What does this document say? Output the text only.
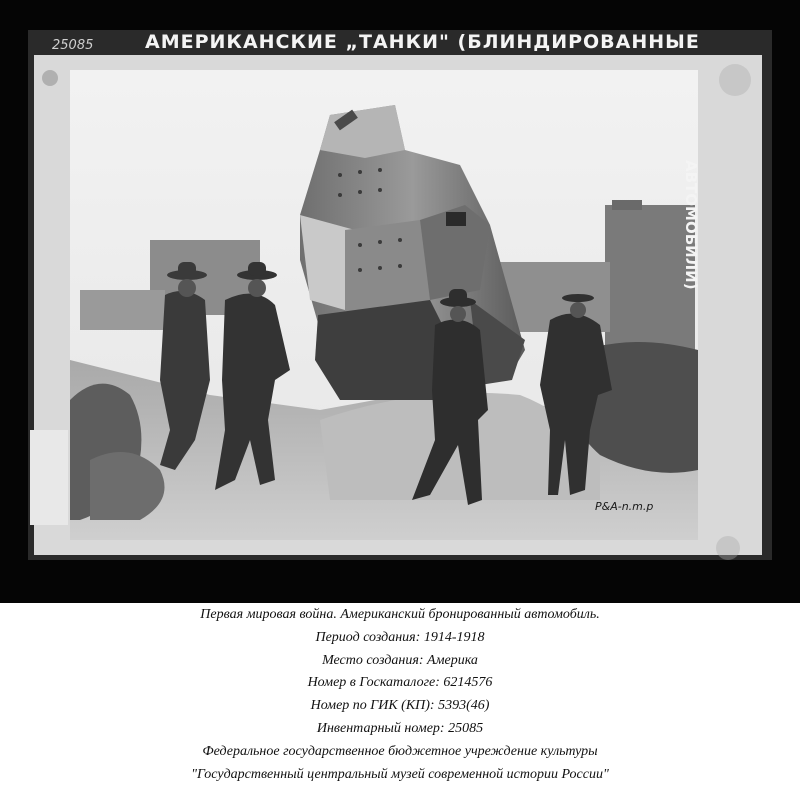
25085	АМЕРИКАНСКИЕ „ТАНКИ" (БЛИНДИРОВАННЫЕ
АВТОМОБИЛИ)
P&A-n.m.p
Первая мировая война. Американский бронированный автомобиль.
Период создания: 1914-1918
Место создания: Америка
Номер в Госкаталоге: 6214576
Номер по ГИК (КП): 5393(46)
Инвентарный номер: 25085
Федеральное государственное бюджетное учреждение культуры
"Государственный центральный музей современной истории России"
